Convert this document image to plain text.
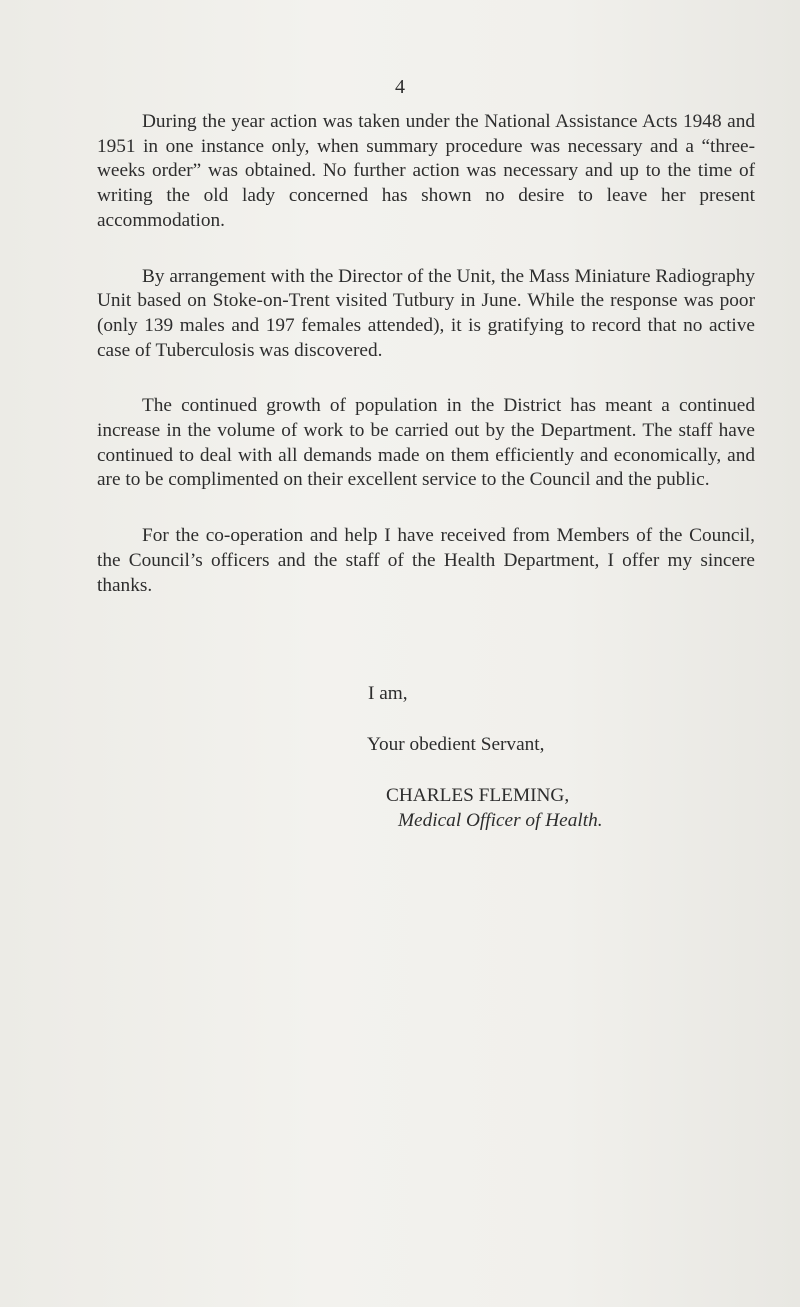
4

During the year action was taken under the National Assistance Acts 1948 and 1951 in one instance only, when summary procedure was necessary and a “three-weeks order” was obtained. No further action was necessary and up to the time of writing the old lady concerned has shown no desire to leave her present accommodation.

By arrangement with the Director of the Unit, the Mass Miniature Radiography Unit based on Stoke-on-Trent visited Tutbury in June. While the response was poor (only 139 males and 197 females attended), it is gratifying to record that no active case of Tuberculosis was discovered.

The continued growth of population in the District has meant a continued increase in the volume of work to be carried out by the Department. The staff have continued to deal with all demands made on them efficiently and economically, and are to be complimented on their excellent service to the Council and the public.

For the co-operation and help I have received from Members of the Council, the Council’s officers and the staff of the Health Department, I offer my sincere thanks.

I am,
Your obedient Servant,
CHARLES FLEMING,
Medical Officer of Health.
